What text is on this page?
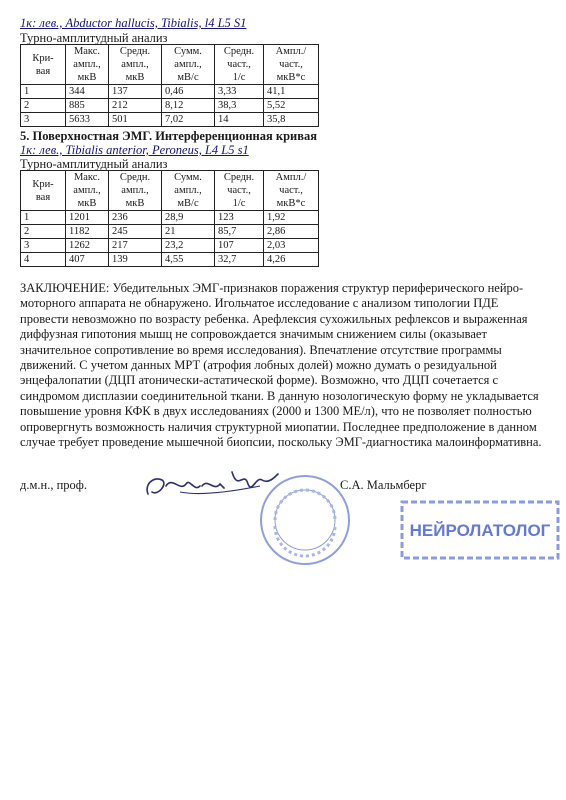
1к: лев., Abductor hallucis, Tibialis, l4 L5 S1
Турно-амплитудный анализ
Кри-
вая	Макс.
ампл.,
мкВ	Средн.
ампл.,
мкВ	Сумм.
ампл.,
мВ/с	Средн.
част.,
1/с	Ампл./
част.,
мкВ*с
1	344	137	0,46	3,33	41,1
2	885	212	8,12	38,3	5,52
3	5633	501	7,02	14	35,8
5. Поверхностная ЭМГ. Интерференционная кривая
1к: лев., Tibialis anterior, Peroneus, L4 L5 s1
Турно-амплитудный анализ
Кри-
вая	Макс.
ампл.,
мкВ	Средн.
ампл.,
мкВ	Сумм.
ампл.,
мВ/с	Средн.
част.,
1/с	Ампл./
част.,
мкВ*с
1	1201	236	28,9	123	1,92
2	1182	245	21	85,7	2,86
3	1262	217	23,2	107	2,03
4	407	139	4,55	32,7	4,26
ЗАКЛЮЧЕНИЕ: Убедительных ЭМГ-признаков поражения структур периферического нейро-моторного аппарата не обнаружено. Игольчатое исследование с анализом типологии ПДЕ провести невозможно по возрасту ребенка. Арефлексия сухожильных рефлексов и выраженная диффузная гипотония мышц не сопровождается значимым снижением силы (оказывает значительное сопротивление во время исследования). Впечатление отсутствие программы движений. С учетом данных МРТ (атрофия лобных долей) можно думать о резидуальной энцефалопатии (ДЦП атонически-астатической форме). Возможно, что ДЦП сочетается с синдромом дисплазии соединительной ткани. В данную нозологическую форму не укладывается повышение уровня КФК в двух исследованиях (2000 и 1300 МЕ/л), что не позволяет полностью опровергнуть возможность наличия структурной миопатии. Последнее предположение в данном случае требует проведение мышечной биопсии, поскольку ЭМГ-диагностика малоинформативна.
д.м.н., проф.	С.А. Мальмберг
НЕЙРОЛАТОЛОГ
